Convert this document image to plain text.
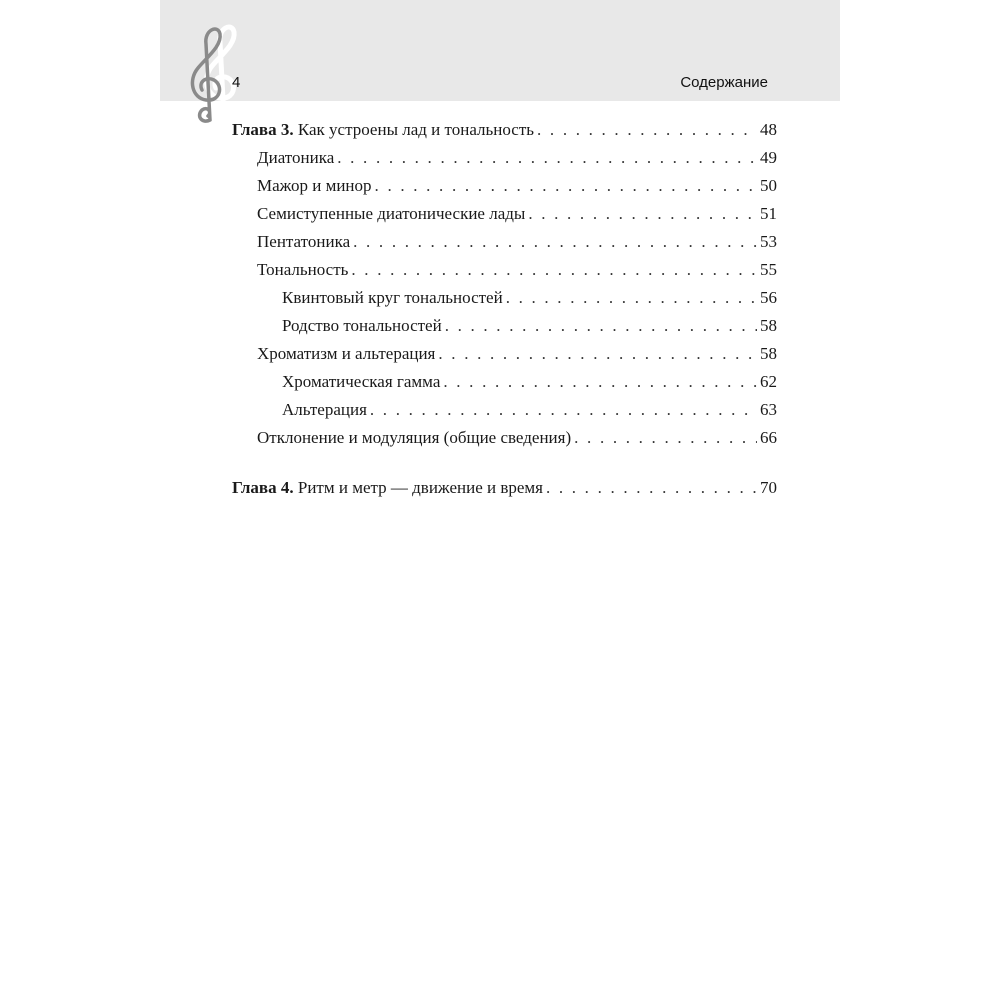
4	Содержание
Глава 3. Как устроены лад и тональность . . .	48
Диатоника . . .	49
Мажор и минор . . .	50
Семиступенные диатонические лады . . .	51
Пентатоника . . .	53
Тональность . . .	55
Квинтовый круг тональностей . . .	56
Родство тональностей . . .	58
Хроматизм и альтерация . . .	58
Хроматическая гамма . . .	62
Альтерация . . .	63
Отклонение и модуляция (общие сведения) . . .	66
Глава 4. Ритм и метр — движение и время . . .	70
